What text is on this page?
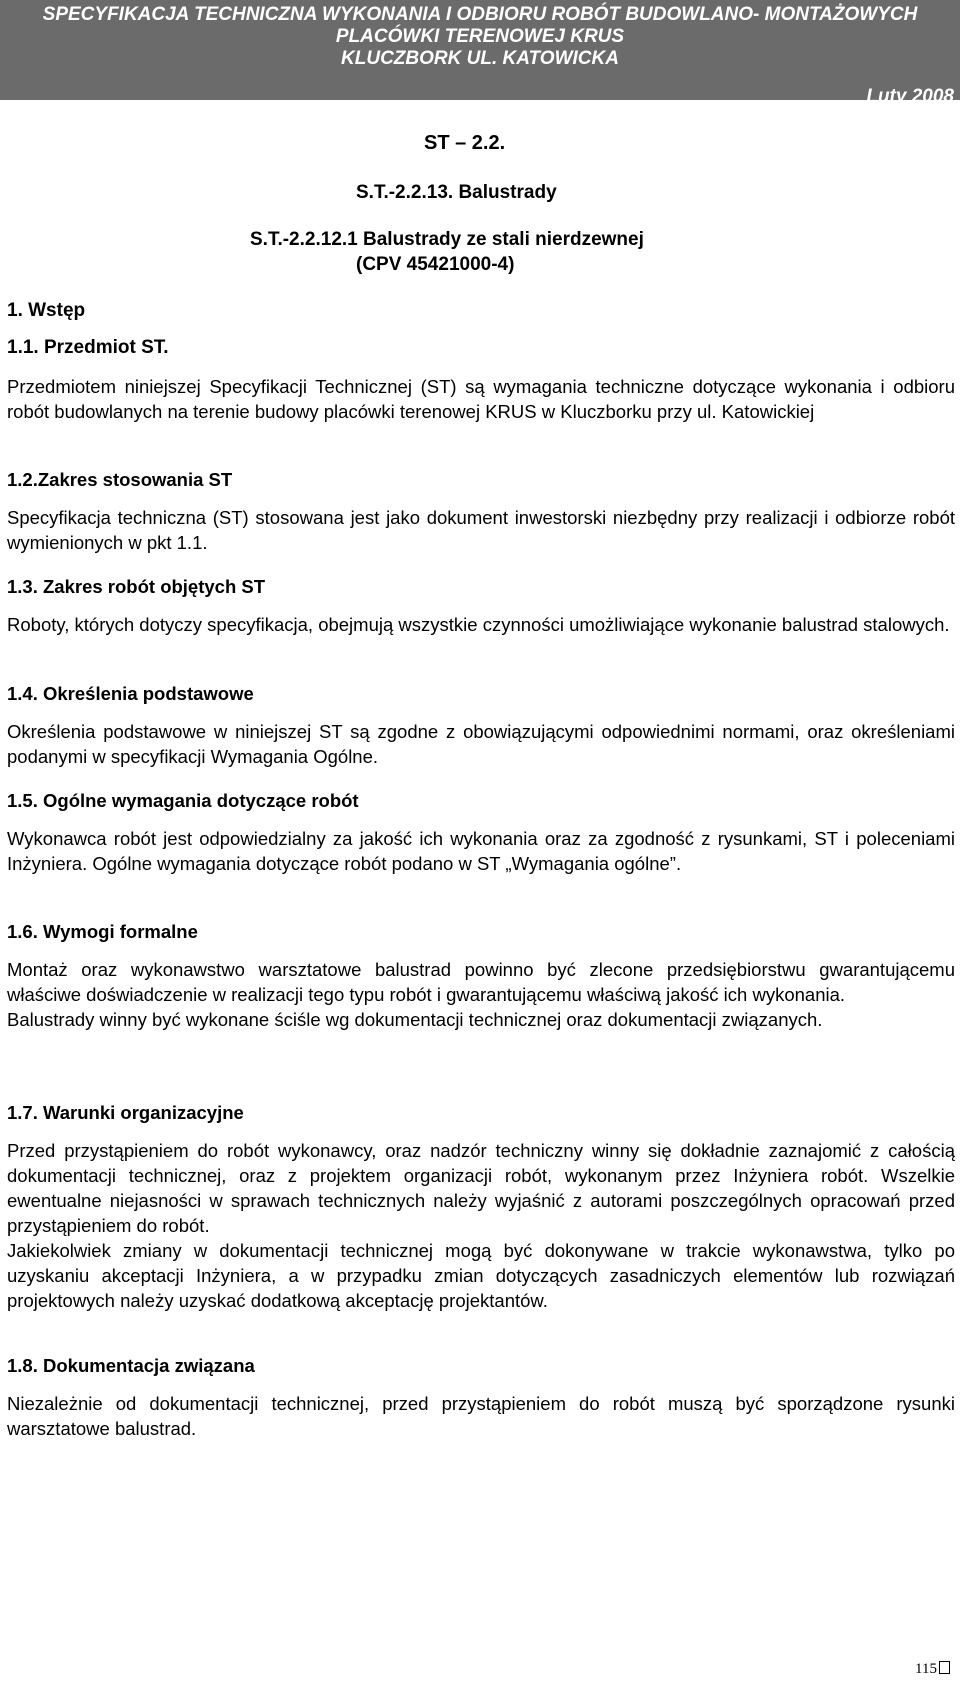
SPECYFIKACJA TECHNICZNA WYKONANIA I ODBIORU ROBÓT BUDOWLANO- MONTAŻOWYCH
PLACÓWKI TERENOWEJ KRUS
KLUCZBORK UL. KATOWICKA
Luty 2008
ST – 2.2.
S.T.-2.2.13. Balustrady
S.T.-2.2.12.1 Balustrady ze stali nierdzewnej
(CPV 45421000-4)
1. Wstęp
1.1. Przedmiot ST.

Przedmiotem niniejszej Specyfikacji Technicznej (ST) są wymagania techniczne dotyczące wykonania i odbioru robót budowlanych na terenie budowy placówki terenowej KRUS w Kluczborku przy ul. Katowickiej

1.2.Zakres stosowania ST

Specyfikacja techniczna (ST) stosowana jest jako dokument inwestorski niezbędny przy realizacji i odbiorze robót wymienionych w pkt 1.1.

1.3. Zakres robót objętych ST

Roboty, których dotyczy specyfikacja, obejmują wszystkie czynności umożliwiające wykonanie balustrad stalowych.

1.4. Określenia podstawowe

Określenia podstawowe w niniejszej ST są zgodne z obowiązującymi odpowiednimi normami, oraz określeniami podanymi w specyfikacji Wymagania Ogólne.

1.5. Ogólne wymagania dotyczące robót

Wykonawca robót jest odpowiedzialny za jakość ich wykonania oraz za zgodność z rysunkami, ST i poleceniami Inżyniera. Ogólne wymagania dotyczące robót podano w ST „Wymagania ogólne”.

1.6. Wymogi formalne

Montaż oraz wykonawstwo warsztatowe balustrad powinno być zlecone przedsiębiorstwu gwarantującemu właściwe doświadczenie w realizacji tego typu robót i gwarantującemu właściwą jakość ich wykonania.

Balustrady winny być wykonane ściśle wg dokumentacji technicznej oraz dokumentacji związanych.

1.7. Warunki organizacyjne

Przed przystąpieniem do robót wykonawcy, oraz nadzór techniczny winny się dokładnie zaznajomić z całością dokumentacji technicznej, oraz z projektem organizacji robót, wykonanym przez Inżyniera robót. Wszelkie ewentualne niejasności w sprawach technicznych należy wyjaśnić z autorami poszczególnych opracowań przed przystąpieniem do robót.

Jakiekolwiek zmiany w dokumentacji technicznej mogą być dokonywane w trakcie wykonawstwa, tylko po uzyskaniu akceptacji Inżyniera, a w przypadku zmian dotyczących zasadniczych elementów lub rozwiązań projektowych należy uzyskać dodatkową akceptację projektantów.

1.8. Dokumentacja związana

Niezależnie od dokumentacji technicznej, przed przystąpieniem do robót muszą być sporządzone rysunki warsztatowe balustrad.

115
